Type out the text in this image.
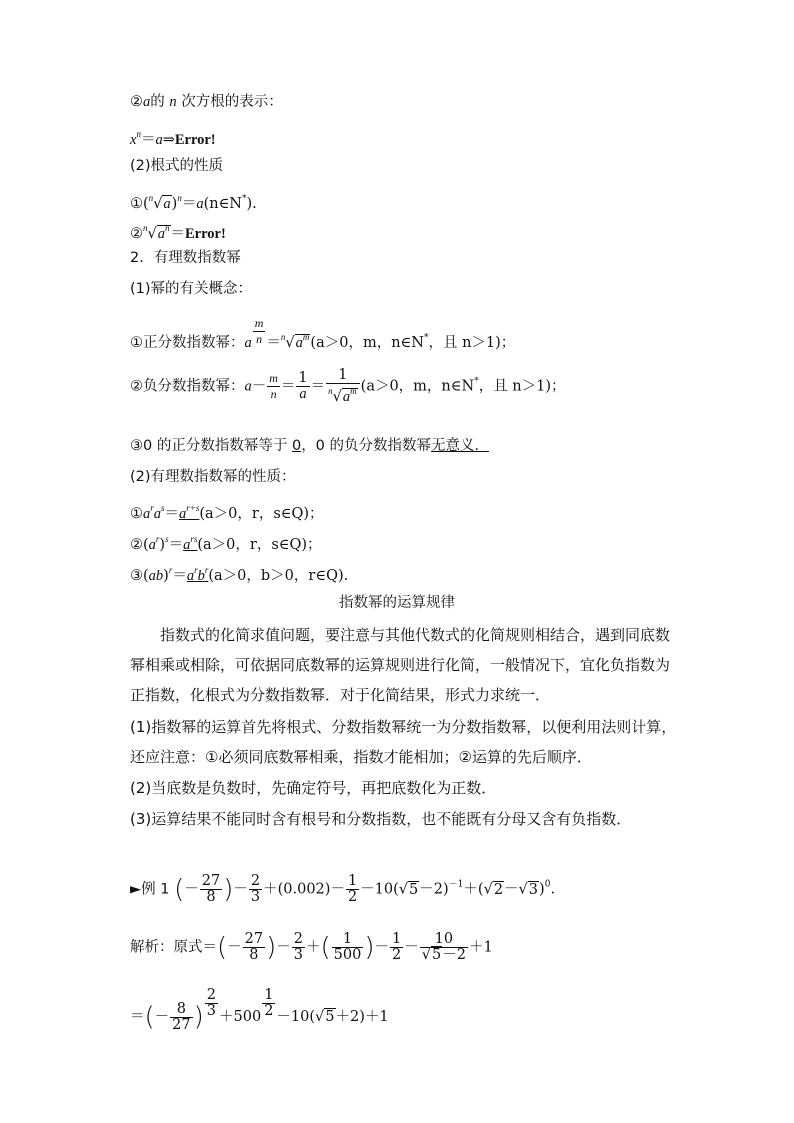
②a的 n 次方根的表示：
$x^n=a\Rightarrow Error$!
(2)根式的性质
$①(^n√a)^n=a(n\in N^*)$.
$②^n√a^n=Error$!
2．有理数指数幂
(1)幂的有关概念：
①正分数指数幂：a $\frac{m}{n} =^n√a^m(a>0$，m，n∈N*，且 n＞1)；
②负分数指数幂：$a- \frac{m}{n} = \frac{1}{a} = \frac{1}{^n√a^m} (a>0$，m，n∈N*，且 n＞1)；
③0 的正分数指数幂等于 0，0 的负分数指数幂无意义．
(2)有理数指数幂的性质：
$①a^ra^s=a^{r+s}(a>0$，r，s∈Q)；
$②(a^r)^s=a^{rs}(a>0$，r，s∈Q)；
$③(ab)^r=a^rb^r(a>0$，b＞0，r∈Q).
指数幂的运算规律
指数式的化简求值问题，要注意与其他代数式的化简规则相结合，遇到同底数幂相乘或相除，可依据同底数幂的运算规则进行化简，一般情况下，宜化负指数为正指数，化根式为分数指数幂．对于化简结果，形式力求统一．
(1)指数幂的运算首先将根式、分数指数幂统一为分数指数幂，以便利用法则计算，
还应注意：①必须同底数幂相乘，指数才能相加；②运算的先后顺序．
(2)当底数是负数时，先确定符号，再把底数化为正数．
(3)运算结果不能同时含有根号和分数指数，也不能既有分母又含有负指数．
►例 1 (－ $\frac{27}{8}$ )－ $\frac{2}{3} +(0.002)- \frac{1}{2} -10(√5-2)^{-1}+(√2-√3)^0$.
解析：原式＝(－ $\frac{27}{8}$ )－ $\frac{2}{3}$ ＋( $\frac{1}{500}$ )－ $\frac{1}{2} - \frac{10}{√5-2} +1$
＝(－ $\frac{8}{27}$ ) $\frac{2}{3} +500 \frac{1}{2} -10(√5+2)+1$
